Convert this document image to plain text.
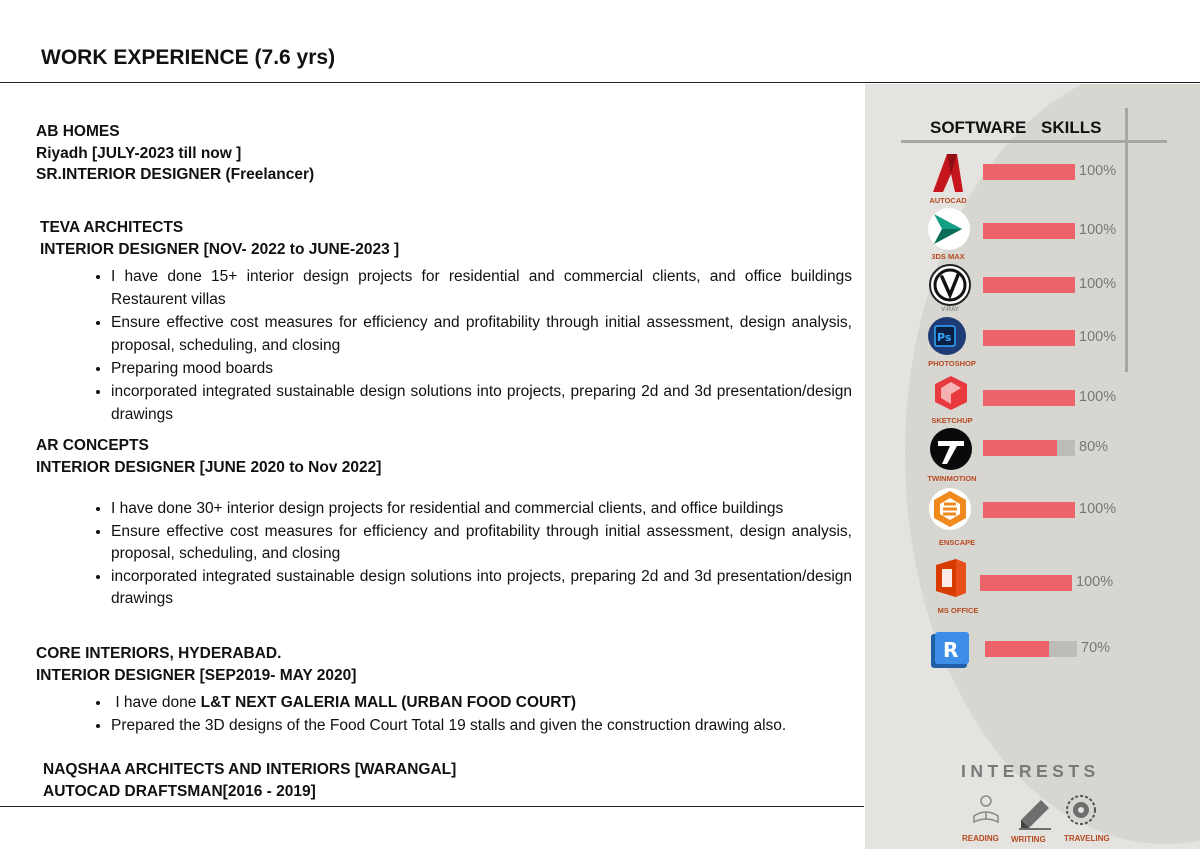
WORK EXPERIENCE (7.6 yrs)
AB HOMES
Riyadh [JULY-2023 till now ]
SR.INTERIOR DESIGNER (Freelancer)
TEVA ARCHITECTS
INTERIOR DESIGNER [NOV- 2022 to JUNE-2023 ]
• I have done 15+ interior design projects for residential and commercial clients, and office buildings Restaurent villas
• Ensure effective cost measures for efficiency and profitability through initial assessment, design analysis, proposal, scheduling, and closing
• Preparing mood boards
• incorporated integrated sustainable design solutions into projects, preparing 2d and 3d presentation/design drawings
AR CONCEPTS
INTERIOR DESIGNER [JUNE 2020 to Nov 2022]
• I have done 30+ interior design projects for residential and commercial clients, and office buildings
• Ensure effective cost measures for efficiency and profitability through initial assessment, design analysis, proposal, scheduling, and closing
• incorporated integrated sustainable design solutions into projects, preparing 2d and 3d presentation/design drawings
CORE INTERIORS, HYDERABAD.
INTERIOR DESIGNER [SEP2019- MAY 2020]
• I have done L&T NEXT GALERIA MALL (URBAN FOOD COURT)
• Prepared the 3D designs of the Food Court Total 19 stalls and given the construction drawing also.
NAQSHAA ARCHITECTS AND INTERIORS [WARANGAL]
AUTOCAD DRAFTSMAN[2016 - 2019]
SOFTWARE SKILLS
AUTOCAD
3DS MAX
V-RAY
Ps
PHOTOSHOP
SKETCHUP
TWINMOTION
ENSCAPE
MS OFFICE
R
100%
100%
100%
100%
100%
80%
100%
100%
70%
INTERESTS
READING WRITING TRAVELING
